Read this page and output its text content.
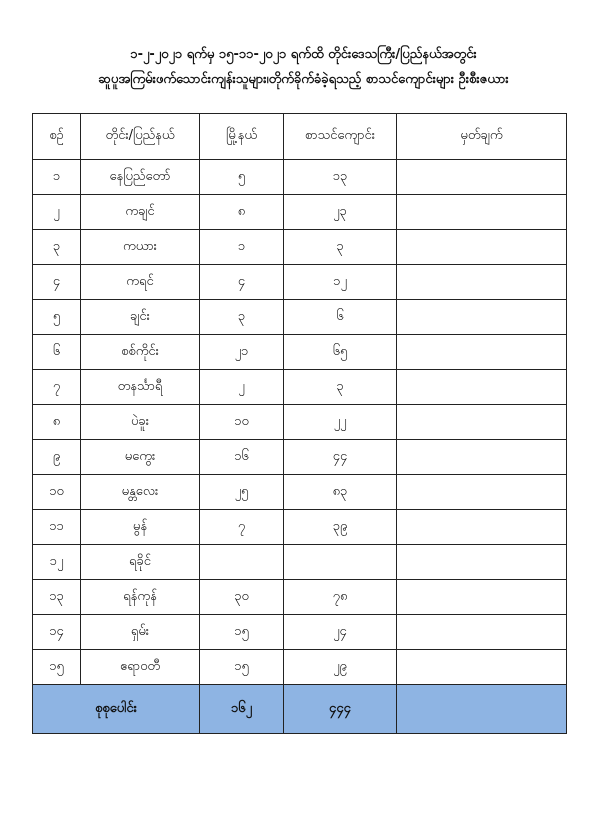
၁-၂-၂၀၂၁ ရက်မှ ၁၅-၁၁-၂၀၂၁ ရက်ထိ တိုင်းဒေသကြီး/ပြည်နယ်အတွင်း
ဆူပူအကြမ်းဖက်သောင်းကျန်းသူများ၊တိုက်ခိုက်ခံခဲ့ရသည့် စာသင်ကျောင်းများ ဦးစီးဇယား
စဉ်	တိုင်း/ပြည်နယ်	မြို့နယ်	စာသင်ကျောင်း	မှတ်ချက်
၁	နေပြည်တော်	၅	၁၃	
၂	ကချင်	၈	၂၃	
၃	ကယား	၁	၃	
၄	ကရင်	၄	၁၂	
၅	ချင်း	၃	၆	
၆	စစ်ကိုင်း	၂၁	၆၅	
၇	တနင်္သာရီ	၂	၃	
၈	ပဲခူး	၁၀	၂၂	
၉	မကွေး	၁၆	၄၄	
၁၀	မန္တလေး	၂၅	၈၃	
၁၁	မွန်	၇	၃၉	
၁၂	ရခိုင်			
၁၃	ရန်ကုန်	၃၀	၇၈	
၁၄	ရှမ်း	၁၅	၂၄	
၁၅	ဧရာဝတီ	၁၅	၂၉	
စုစုပေါင်း		၁၆၂	၄၄၄	
